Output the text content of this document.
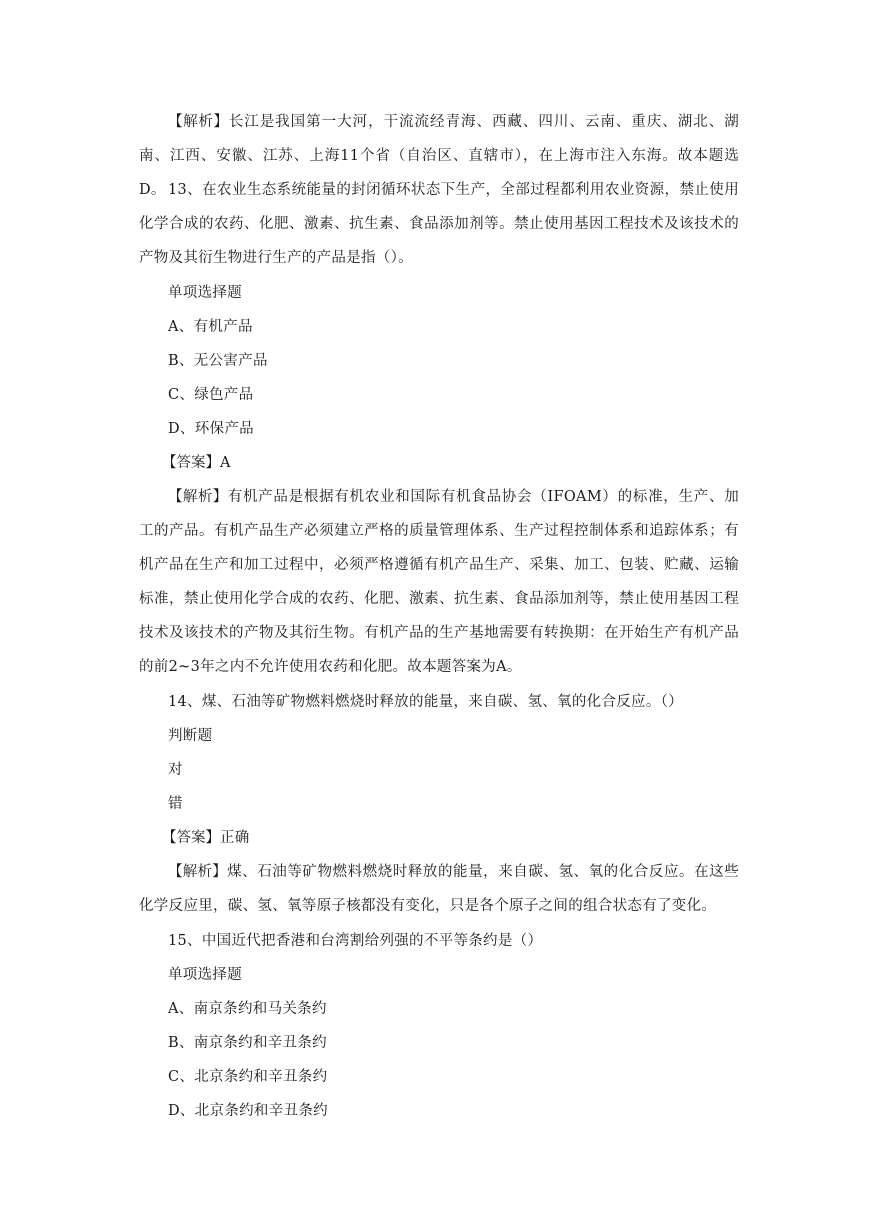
【解析】长江是我国第一大河，干流流经青海、西藏、四川、云南、重庆、湖北、湖南、江西、安徽、江苏、上海11个省（自治区、直辖市），在上海市注入东海。故本题选D。 13、在农业生态系统能量的封闭循环状态下生产，全部过程都利用农业资源，禁止使用化学合成的农药、化肥、激素、抗生素、食品添加剂等。禁止使用基因工程技术及该技术的产物及其衍生物进行生产的产品是指（）。

单项选择题

A、有机产品

B、无公害产品

C、绿色产品

D、环保产品

【答案】A

【解析】有机产品是根据有机农业和国际有机食品协会（IFOAM）的标准，生产、加工的产品。有机产品生产必须建立严格的质量管理体系、生产过程控制体系和追踪体系；有机产品在生产和加工过程中，必须严格遵循有机产品生产、采集、加工、包装、贮藏、运输标准，禁止使用化学合成的农药、化肥、激素、抗生素、食品添加剂等，禁止使用基因工程技术及该技术的产物及其衍生物。有机产品的生产基地需要有转换期：在开始生产有机产品的前2~3年之内不允许使用农药和化肥。故本题答案为A。

14、煤、石油等矿物燃料燃烧时释放的能量，来自碳、氢、氧的化合反应。（）

判断题

对

错

【答案】正确

【解析】煤、石油等矿物燃料燃烧时释放的能量，来自碳、氢、氧的化合反应。在这些化学反应里，碳、氢、氧等原子核都没有变化，只是各个原子之间的组合状态有了变化。

15、中国近代把香港和台湾割给列强的不平等条约是（）

单项选择题

A、南京条约和马关条约

B、南京条约和辛丑条约

C、北京条约和辛丑条约

D、北京条约和辛丑条约
